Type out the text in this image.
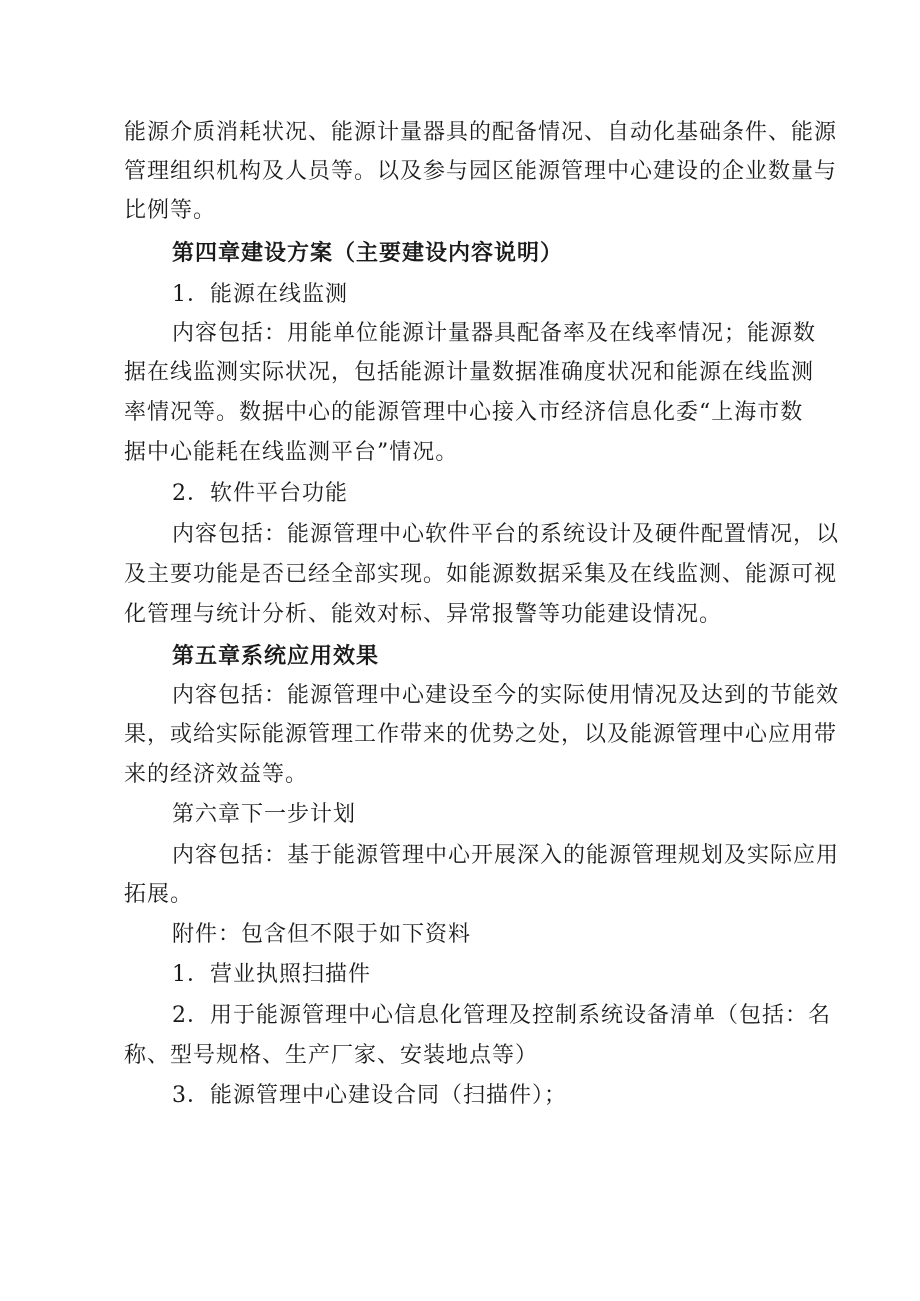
能源介质消耗状况、能源计量器具的配备情况、自动化基础条件、能源
管理组织机构及人员等。以及参与园区能源管理中心建设的企业数量与
比例等。
第四章建设方案（主要建设内容说明）
1．能源在线监测
内容包括：用能单位能源计量器具配备率及在线率情况；能源数
据在线监测实际状况，包括能源计量数据准确度状况和能源在线监测
率情况等。数据中心的能源管理中心接入市经济信息化委“上海市数
据中心能耗在线监测平台”情况。
2．软件平台功能
内容包括：能源管理中心软件平台的系统设计及硬件配置情况，以
及主要功能是否已经全部实现。如能源数据采集及在线监测、能源可视
化管理与统计分析、能效对标、异常报警等功能建设情况。
第五章系统应用效果
内容包括：能源管理中心建设至今的实际使用情况及达到的节能效
果，或给实际能源管理工作带来的优势之处，以及能源管理中心应用带
来的经济效益等。
第六章下一步计划
内容包括：基于能源管理中心开展深入的能源管理规划及实际应用
拓展。
附件：包含但不限于如下资料
1．营业执照扫描件
2．用于能源管理中心信息化管理及控制系统设备清单（包括：名
称、型号规格、生产厂家、安装地点等）
3．能源管理中心建设合同（扫描件）；
